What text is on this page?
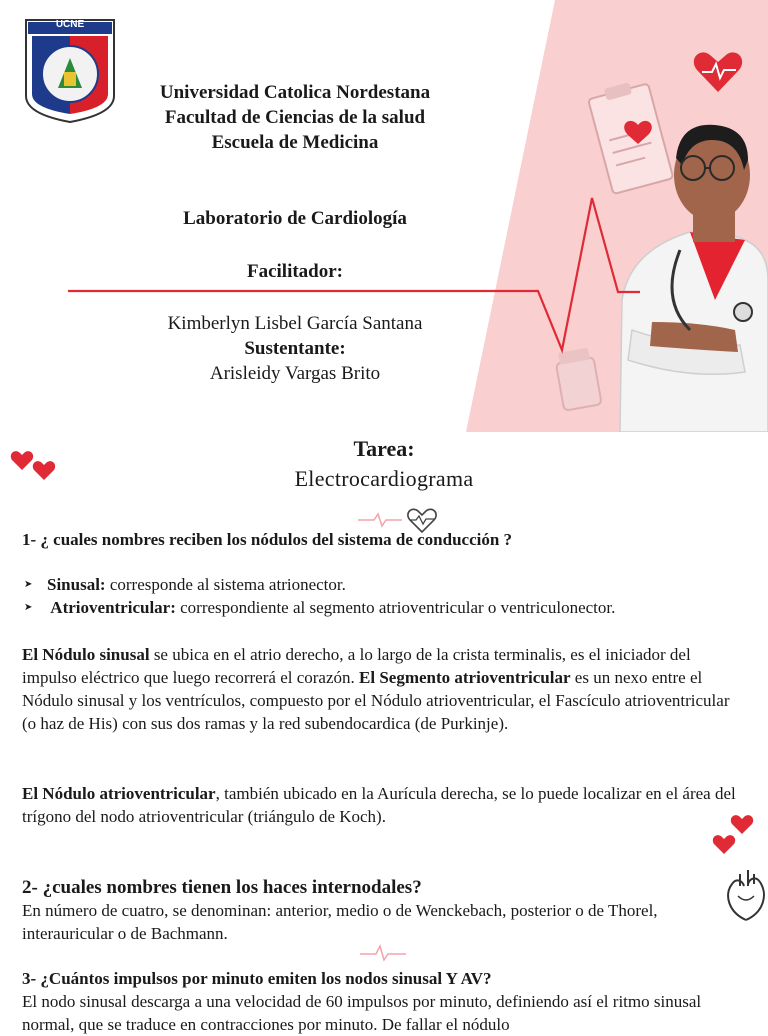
UCNE
Universidad Catolica Nordestana
Facultad de Ciencias de la salud
Escuela de Medicina
Laboratorio de Cardiología
Facilitador:
Kimberlyn Lisbel García Santana
Sustentante:
Arisleidy Vargas Brito
Tarea:
Electrocardiograma
1- ¿ cuales nombres reciben los nódulos del sistema de conducción ?
➤ Sinusal: corresponde al sistema atrionector.
➤ Atrioventricular: correspondiente al segmento atrioventricular o ventriculonector.

El Nódulo sinusal se ubica en el atrio derecho, a lo largo de la crista terminalis, es el iniciador del impulso eléctrico que luego recorrerá el corazón. El Segmento atrioventricular es un nexo entre el Nódulo sinusal y los ventrículos, compuesto por el Nódulo atrioventricular, el Fascículo atrioventricular (o haz de His) con sus dos ramas y la red subendocardica (de Purkinje).

El Nódulo atrioventricular, también ubicado en la Aurícula derecha, se lo puede localizar en el área del trígono del nodo atrioventricular (triángulo de Koch).

2- ¿cuales nombres tienen los haces internodales?
En número de cuatro, se denominan: anterior, medio o de Wenckebach, posterior o de Thorel, interauricular o de Bachmann.
3- ¿Cuántos impulsos por minuto emiten los nodos sinusal Y AV?
El nodo sinusal descarga a una velocidad de 60 impulsos por minuto, definiendo así el ritmo sinusal normal, que se traduce en contracciones por minuto. De fallar el nódulo
